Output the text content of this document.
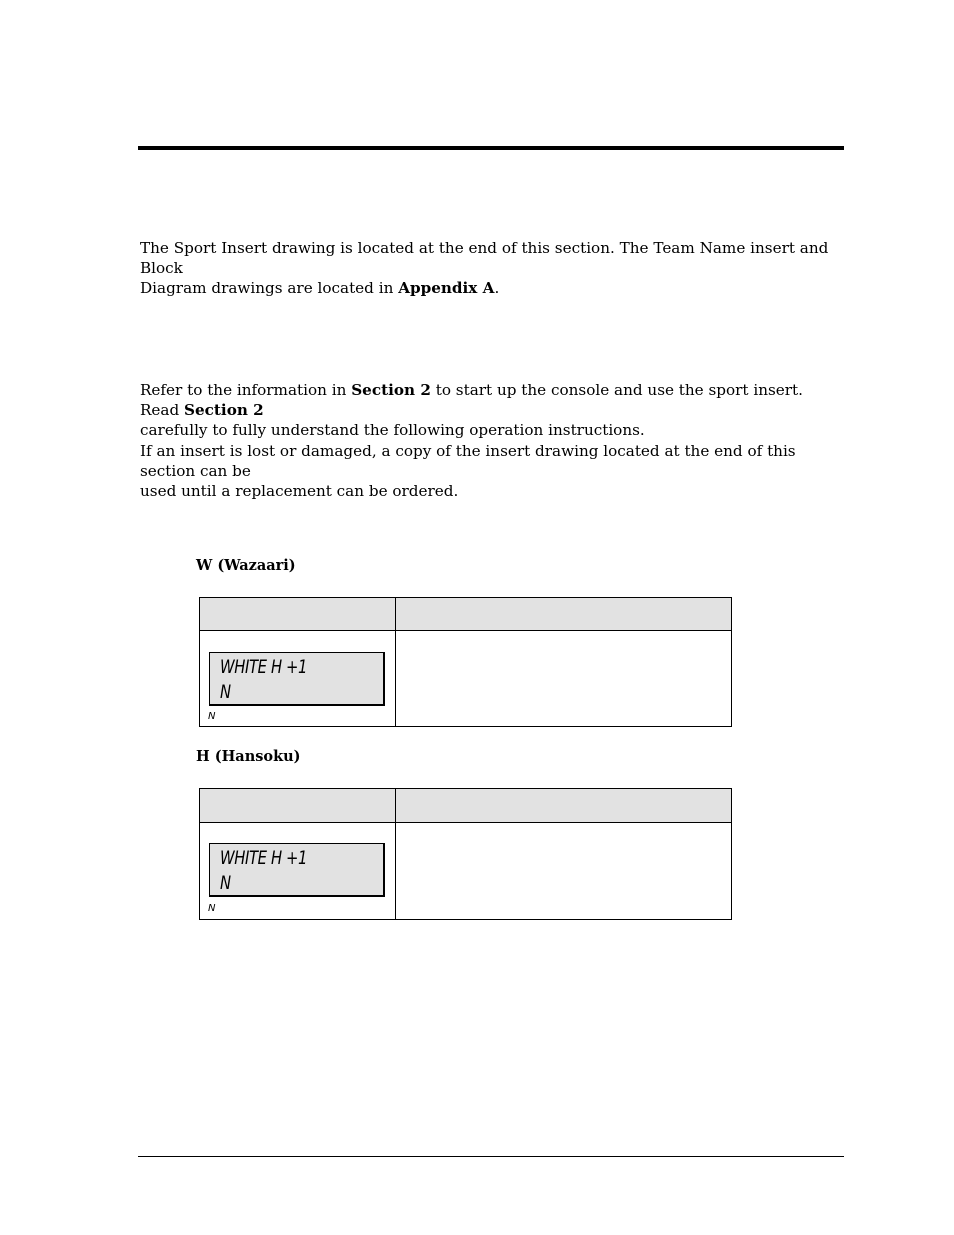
The Sport Insert drawing is located at the end of this section. The Team Name insert and Block
Diagram drawings are located in Appendix A.

Refer to the information in Section 2 to start up the console and use the sport insert. Read Section 2
carefully to fully understand the following operation instructions.

If an insert is lost or damaged, a copy of the insert drawing located at the end of this section can be
used until a replacement can be ordered.

W (Wazaari)

WHITE H +1
N
N

H (Hansoku)

WHITE H +1
N
N
